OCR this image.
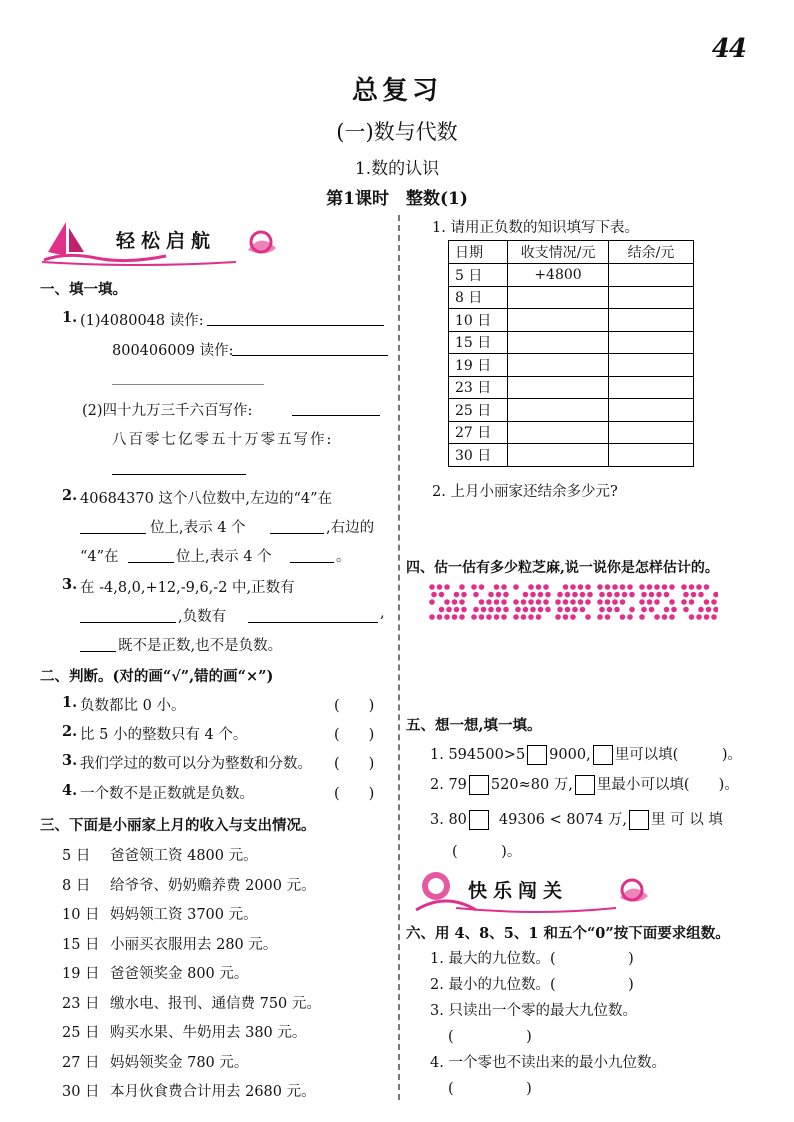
44
总复习
(一)数与代数
1.数的认识
第1课时　整数(1)
轻松启航
一、填一填。
1. (1)4080048 读作:
800406009 读作:
(2)四十九万三千六百写作:
八百零七亿零五十万零五写作:
2. 40684370 这个八位数中,左边的“4”在
位上,表示 4 个	,右边的
“4”在	位上,表示 4 个	。
3. 在 -4,8,0,+12,-9,6,-2 中,正数有
,负数有	,
既不是正数,也不是负数。
二、判断。(对的画“√”,错的画“×”)
1. 负数都比 0 小。	(　　)
2. 比 5 小的整数只有 4 个。	(　　)
3. 我们学过的数可以分为整数和分数。 (　　)
4. 一个数不是正数就是负数。	(　　)
三、下面是小丽家上月的收入与支出情况。
5 日 爸爸领工资 4800 元。
8 日 给爷爷、奶奶赡养费 2000 元。
10 日 妈妈领工资 3700 元。
15 日 小丽买衣服用去 280 元。
19 日 爸爸领奖金 800 元。
23 日 缴水电、报刊、通信费 750 元。
25 日 购买水果、牛奶用去 380 元。
27 日 妈妈领奖金 780 元。
30 日 本月伙食费合计用去 2680 元。
1. 请用正负数的知识填写下表。
日期	收支情况/元	结余/元
5 日	+4800	
8 日		
10 日		
15 日		
19 日		
23 日		
25 日		
27 日		
30 日		
2. 上月小丽家还结余多少元?
四、估一估有多少粒芝麻,说一说你是怎样估计的。
五、想一想,填一填。
1. 594500>5 9000, 里可以填(　　　)。
2. 79 520≈80 万, 里最小可以填(　　)。
3. 80 49306 < 8074 万, 里 可 以 填
(　　　)。
快乐闯关
六、用 4、8、5、1 和五个“0”按下面要求组数。
1. 最大的九位数。(　　　　　)
2. 最小的九位数。(　　　　　)
3. 只读出一个零的最大九位数。
(　　　　　)
4. 一个零也不读出来的最小九位数。
(　　　　　)
